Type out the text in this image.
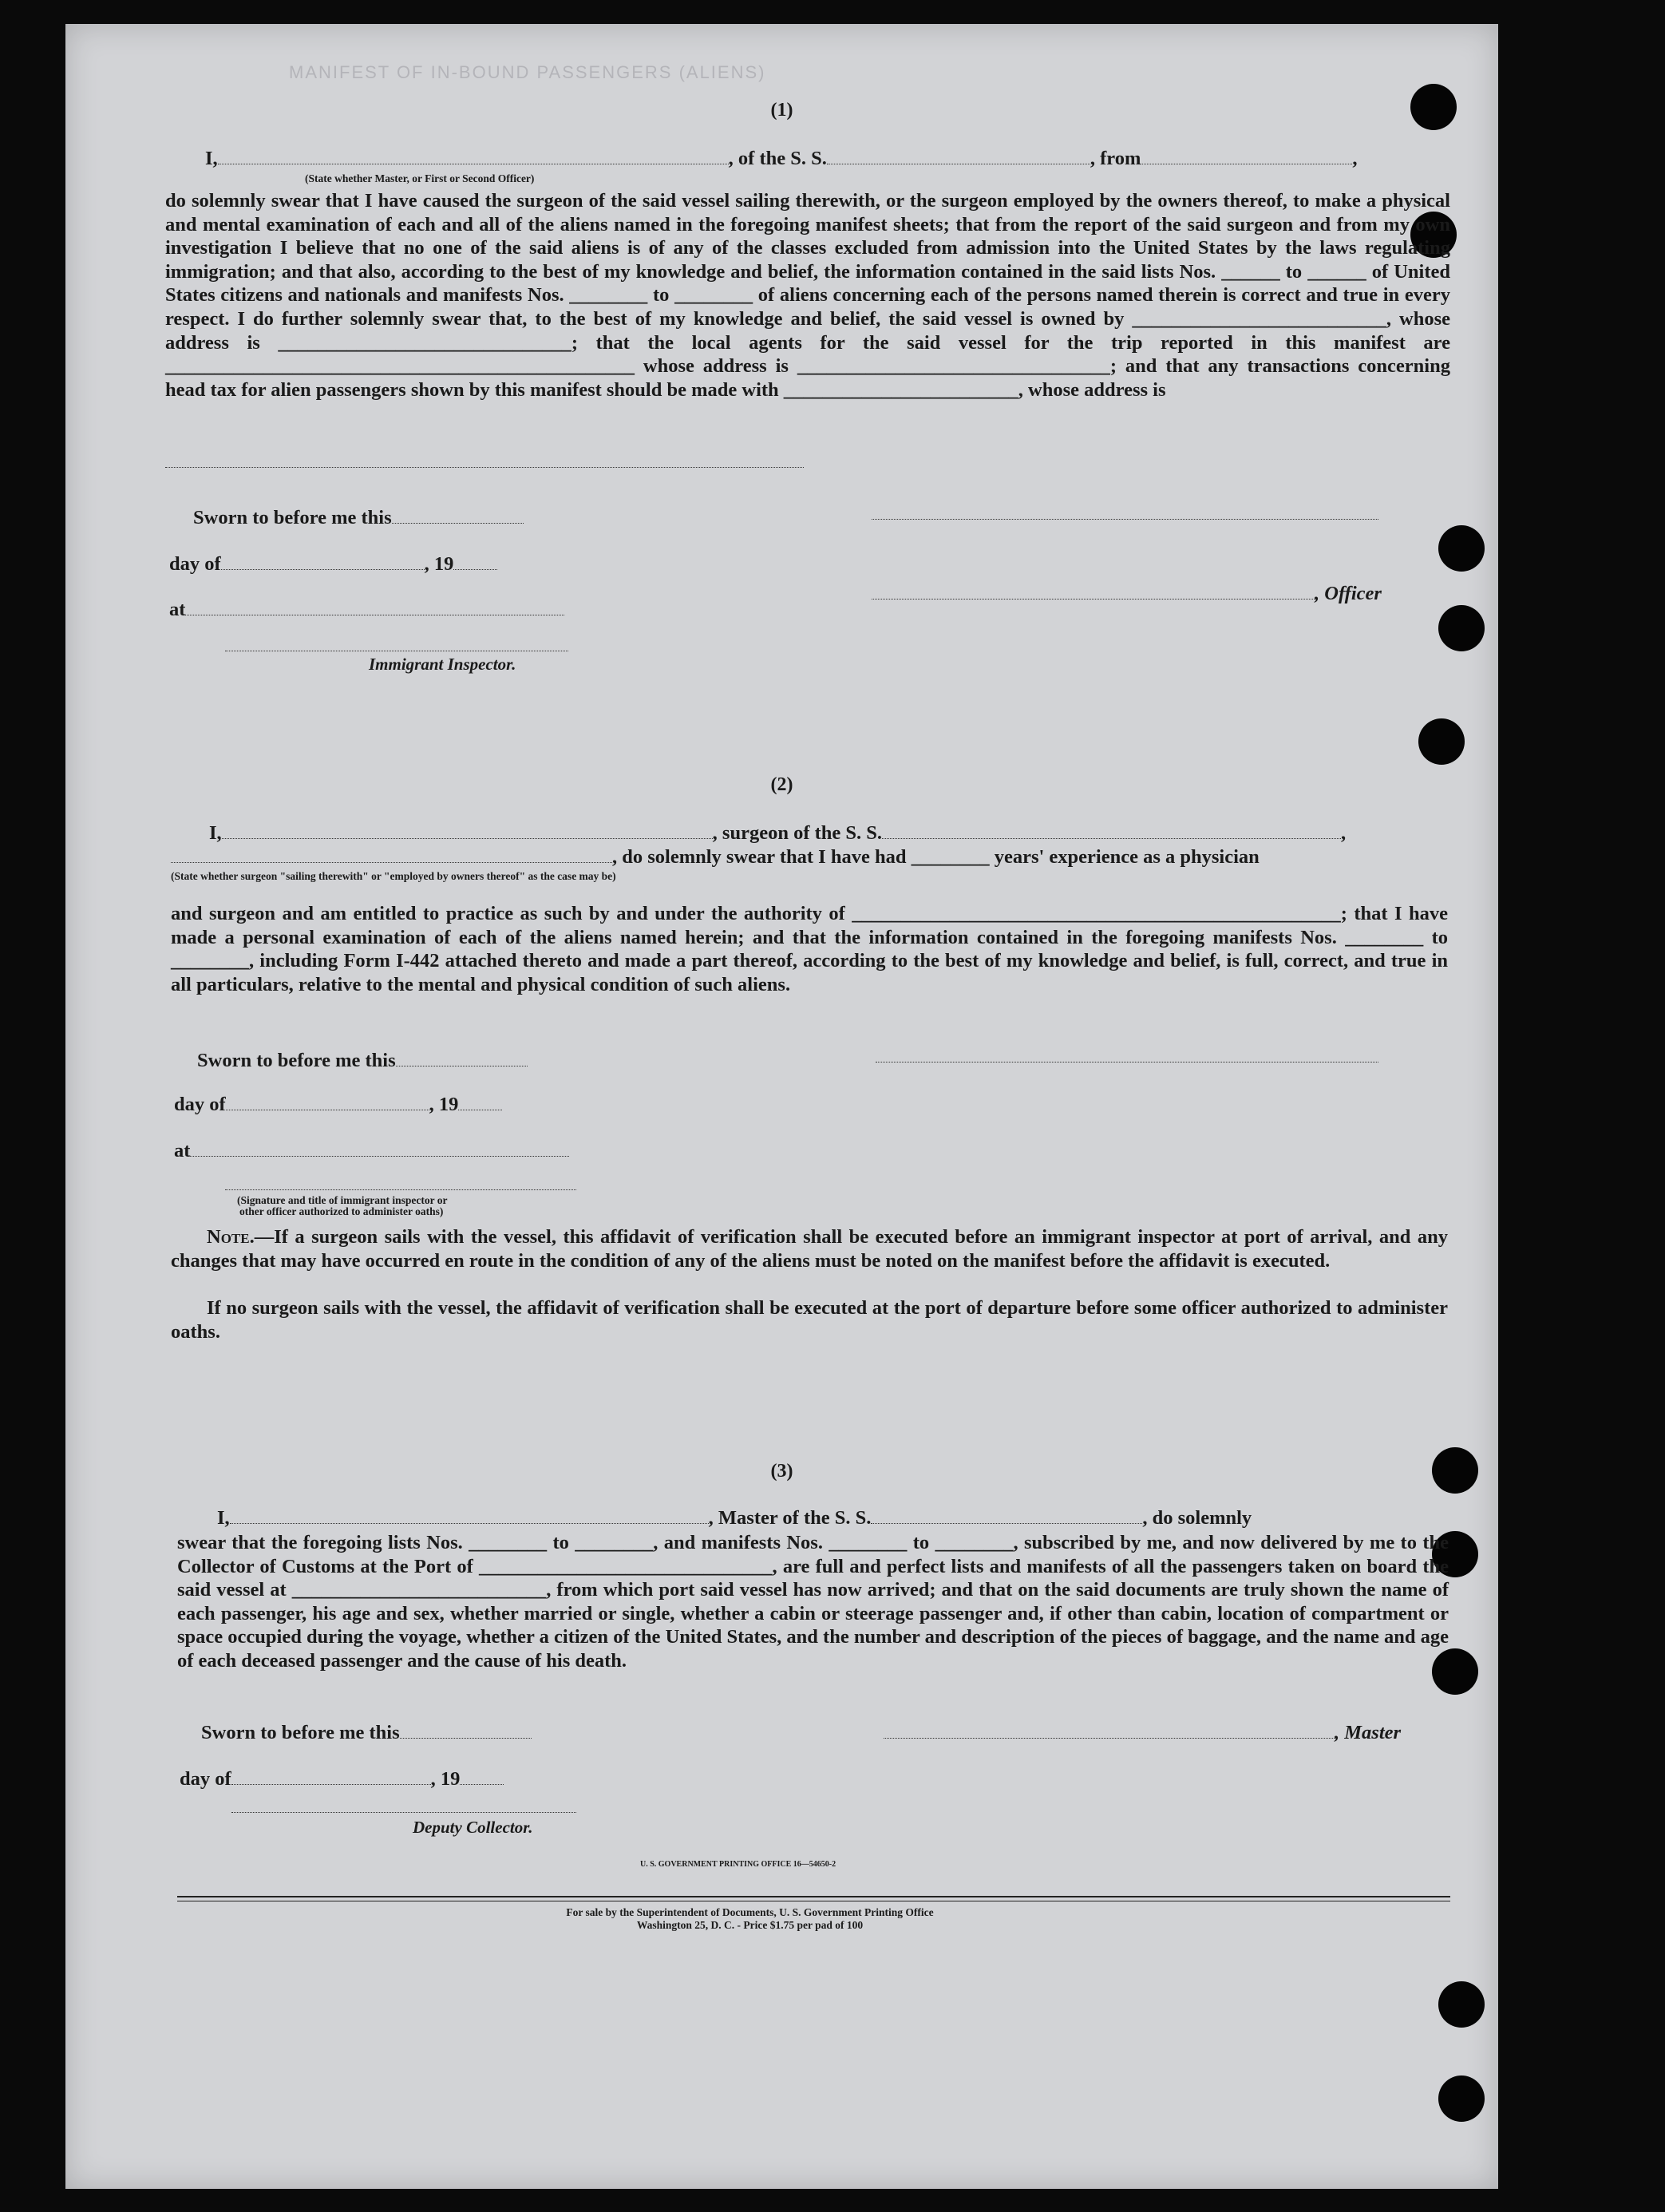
MANIFEST OF IN-BOUND PASSENGERS (ALIENS)
(1)
I,	, of the S. S.	, from	,
(State whether Master, or First or Second Officer)
do solemnly swear that I have caused the surgeon of the said vessel sailing therewith, or the surgeon employed by the owners thereof, to make a physical and mental examination of each and all of the aliens named in the foregoing manifest sheets; that from the report of the said surgeon and from my own investigation I believe that no one of the said aliens is of any of the classes excluded from admission into the United States by the laws regulating immigration; and that also, according to the best of my knowledge and belief, the information contained in the said lists Nos. ______ to ______ of United States citizens and nationals and manifests Nos. ________ to ________ of aliens concerning each of the persons named therein is correct and true in every respect. I do further solemnly swear that, to the best of my knowledge and belief, the said vessel is owned by __________________________, whose address is ______________________________; that the local agents for the said vessel for the trip reported in this manifest are ________________________________________________ whose address is ________________________________; and that any transactions concerning head tax for alien passengers shown by this manifest should be made with ________________________, whose address is
Sworn to before me this
day of	, 19
, Officer
at
Immigrant Inspector.
(2)
I,	, surgeon of the S. S.	,
, do solemnly swear that I have had ________ years' experience as a physician
(State whether surgeon "sailing therewith" or "employed by owners thereof" as the case may be)
and surgeon and am entitled to practice as such by and under the authority of __________________________________________________; that I have made a personal examination of each of the aliens named herein; and that the information contained in the foregoing manifests Nos. ________ to ________, including Form I-442 attached thereto and made a part thereof, according to the best of my knowledge and belief, is full, correct, and true in all particulars, relative to the mental and physical condition of such aliens.
Sworn to before me this
day of	, 19
at
(Signature and title of immigrant inspector or
other officer authorized to administer oaths)
Note.—If a surgeon sails with the vessel, this affidavit of verification shall be executed before an immigrant inspector at port of arrival, and any changes that may have occurred en route in the condition of any of the aliens must be noted on the manifest before the affidavit is executed.
If no surgeon sails with the vessel, the affidavit of verification shall be executed at the port of departure before some officer authorized to administer oaths.
(3)
I,	, Master of the S. S.	, do solemnly
swear that the foregoing lists Nos. ________ to ________, and manifests Nos. ________ to ________, subscribed by me, and now delivered by me to the Collector of Customs at the Port of ______________________________, are full and perfect lists and manifests of all the passengers taken on board the said vessel at __________________________, from which port said vessel has now arrived; and that on the said documents are truly shown the name of each passenger, his age and sex, whether married or single, whether a cabin or steerage passenger and, if other than cabin, location of compartment or space occupied during the voyage, whether a citizen of the United States, and the number and description of the pieces of baggage, and the name and age of each deceased passenger and the cause of his death.
Sworn to before me this	, Master
day of	, 19
Deputy Collector.
U. S. GOVERNMENT PRINTING OFFICE 16—54650-2
For sale by the Superintendent of Documents, U. S. Government Printing Office
Washington 25, D. C. - Price $1.75 per pad of 100
